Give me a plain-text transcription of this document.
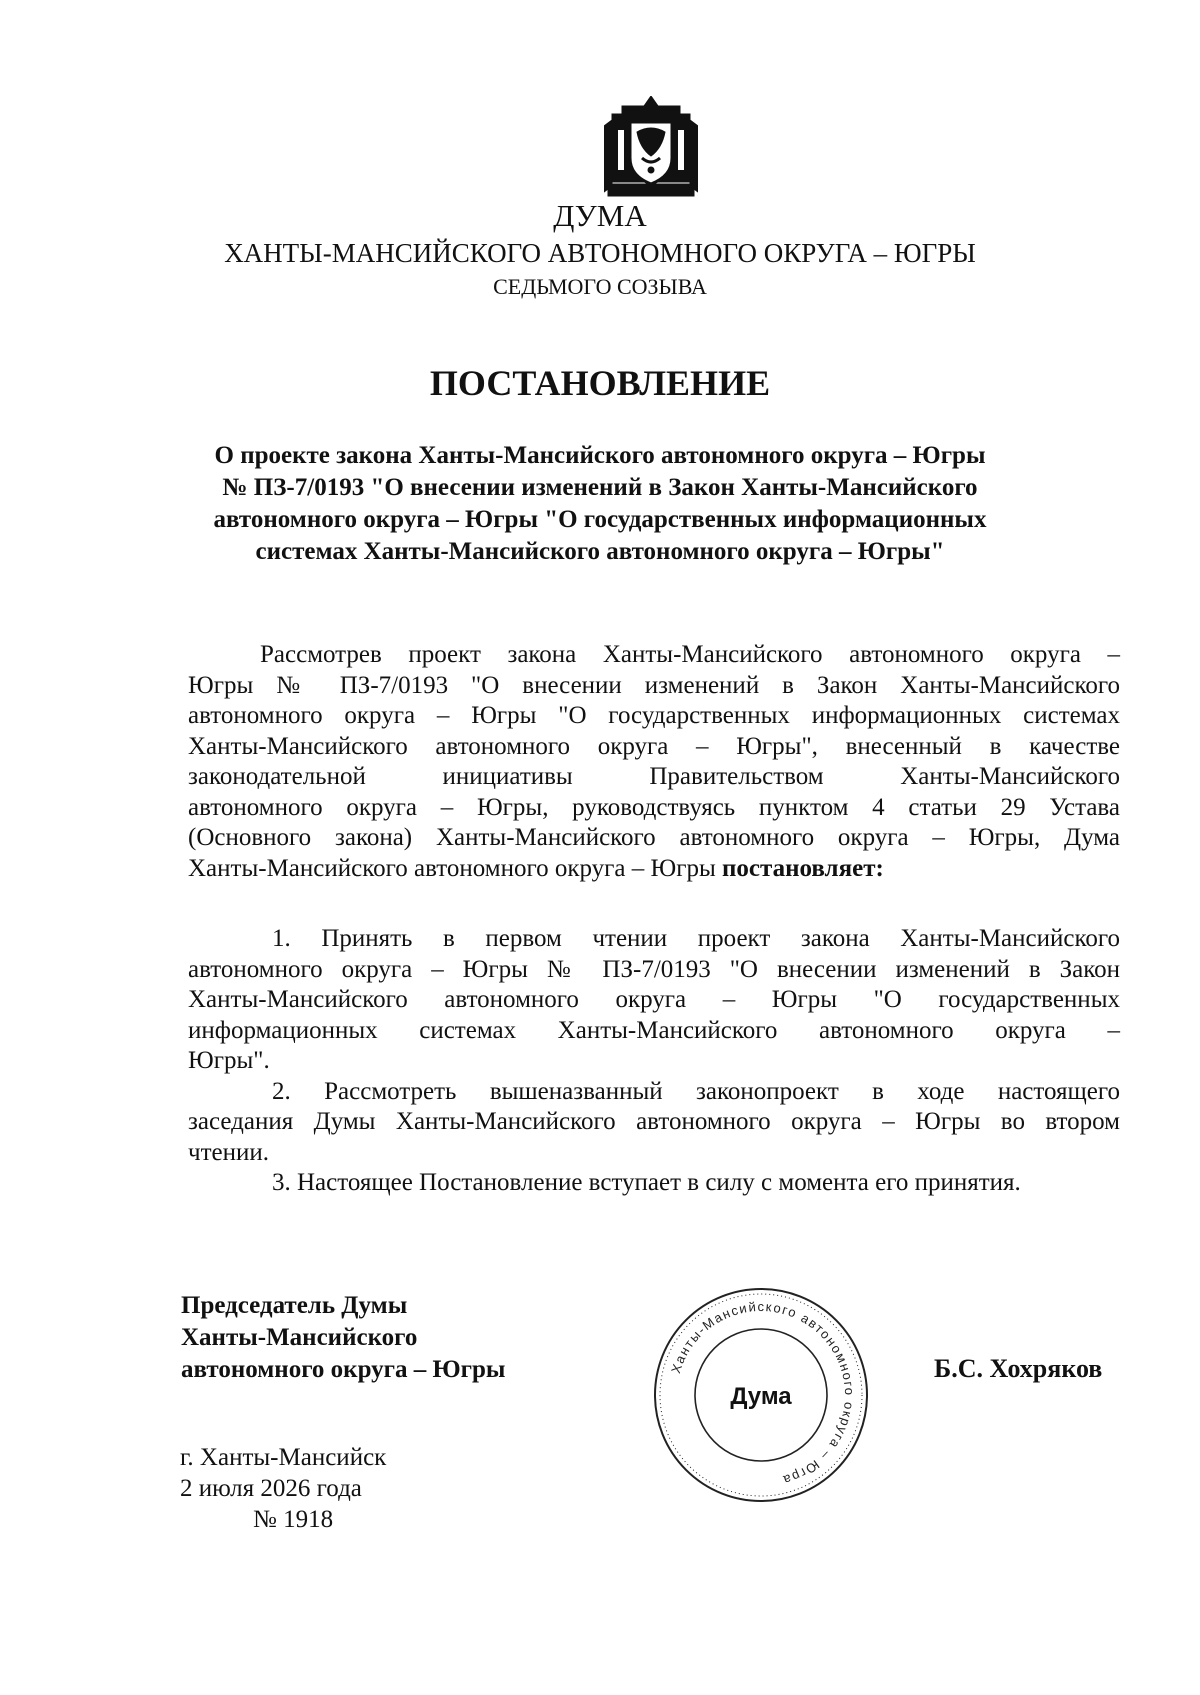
ДУМА
ХАНТЫ-МАНСИЙСКОГО АВТОНОМНОГО ОКРУГА – ЮГРЫ
СЕДЬМОГО СОЗЫВА
ПОСТАНОВЛЕНИЕ
О проекте закона Ханты-Мансийского автономного округа – Югры
№ ПЗ-7/0193 "О внесении изменений в Закон Ханты-Мансийского
автономного округа – Югры "О государственных информационных
системах Ханты-Мансийского автономного округа – Югры"
Рассмотрев проект закона Ханты-Мансийского автономного округа –
Югры № ПЗ-7/0193 "О внесении изменений в Закон Ханты-Мансийского
автономного округа – Югры "О государственных информационных системах
Ханты-Мансийского автономного округа – Югры", внесенный в качестве
законодательной инициативы Правительством Ханты-Мансийского
автономного округа – Югры, руководствуясь пунктом 4 статьи 29 Устава
(Основного закона) Ханты-Мансийского автономного округа – Югры, Дума
Ханты-Мансийского автономного округа – Югры постановляет:
1. Принять в первом чтении проект закона Ханты-Мансийского
автономного округа – Югры № ПЗ-7/0193 "О внесении изменений в Закон
Ханты-Мансийского автономного округа – Югры "О государственных
информационных системах Ханты-Мансийского автономного округа –
Югры".
2. Рассмотреть вышеназванный законопроект в ходе настоящего
заседания Думы Ханты-Мансийского автономного округа – Югры во втором
чтении.
3. Настоящее Постановление вступает в силу с момента его принятия.
Председатель Думы
Ханты-Мансийского
автономного округа – Югры	Ханты-Мансийского автономного округа – Югра
Дума
Б.С. Хохряков
г. Ханты-Мансийск
2 июля 2026 года
№ 1918
